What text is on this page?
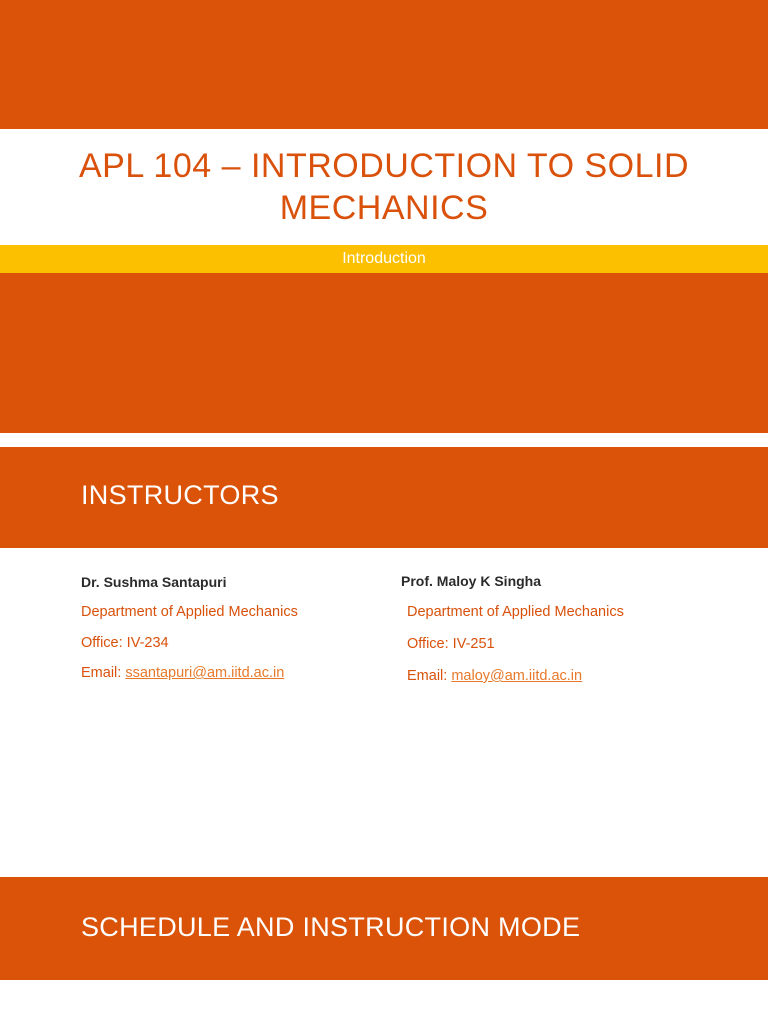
APL 104 – INTRODUCTION TO SOLID MECHANICS
Introduction
INSTRUCTORS
Dr. Sushma Santapuri
Department of Applied Mechanics
Office: IV-234
Email: ssantapuri@am.iitd.ac.in
Prof. Maloy K Singha
Department of Applied Mechanics
Office: IV-251
Email: maloy@am.iitd.ac.in
SCHEDULE AND INSTRUCTION MODE
